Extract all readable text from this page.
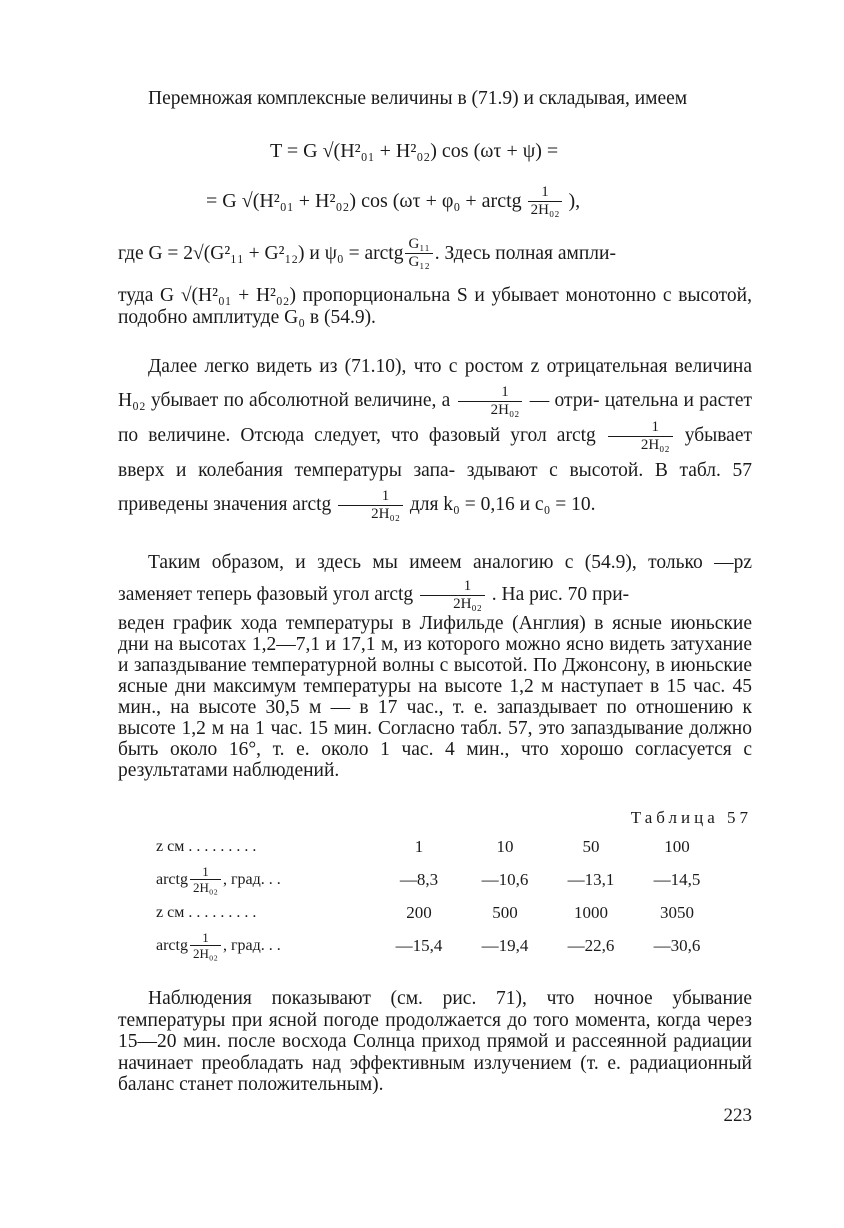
Перемножая комплексные величины в (71.9) и складывая, имеем

T = G √(H²₀₁ + H²₀₂) cos (ωτ + ψ) =
= G √(H²₀₁ + H²₀₂) cos (ωτ + φ₀ + arctg $\frac{1}{\text{2H₀₂}}$ ),

где G = 2√(G²₁₁ + G²₁₂) и ψ₀ = arctg $\frac{\text{G₁₁}}{\text{G₁₂}}$ . Здесь полная ампли-

туда G √(H²₀₁ + H²₀₂) пропорциональна S и убывает монотонно с высотой, подобно амплитуде G₀ в (54.9).

Далее легко видеть из (71.10), что с ростом z отрицательная величина H₀₂ убывает по абсолютной величине, а $\frac{1}{\text{2H₀₂}}$ — отри- цательна и растет по величине. Отсюда следует, что фазовый угол arctg $\frac{1}{\text{2H₀₂}}$ убывает вверх и колебания температуры запа- здывают с высотой. В табл. 57 приведены значения arctg $\frac{1}{\text{2H₀₂}}$ для k₀ = 0,16 и c₀ = 10.

Таким образом, и здесь мы имеем аналогию с (54.9), только —pz заменяет теперь фазовый угол arctg $\frac{1}{\text{2H₀₂}}$ . На рис. 70 при-

веден график хода температуры в Лифильде (Англия) в ясные июньские дни на высотах 1,2—7,1 и 17,1 м, из которого можно ясно видеть затухание и запаздывание температурной волны с высотой. По Джонсону, в июньские ясные дни максимум температуры на высоте 1,2 м наступает в 15 час. 45 мин., на высоте 30,5 м — в 17 час., т. е. запаздывает по отношению к высоте 1,2 м на 1 час. 15 мин. Согласно табл. 57, это запаздывание должно быть около 16°, т. е. около 1 час. 4 мин., что хорошо согласуется с результатами наблюдений.

Таблица 57
z см . . . . . . . . .	1	10	50	100

arctg $\frac{1}{\text{2H₀₂}}$ , град. . .	—8,3	—10,6	—13,1	—14,5
z см . . . . . . . . .	200	500	1000	3050

arctg $\frac{1}{\text{2H₀₂}}$ , град. . .	—15,4	—19,4	—22,6	—30,6

Наблюдения показывают (см. рис. 71), что ночное убывание температуры при ясной погоде продолжается до того момента, когда через 15—20 мин. после восхода Солнца приход прямой и рассеянной радиации начинает преобладать над эффективным излучением (т. е. радиационный баланс станет положительным).

223
